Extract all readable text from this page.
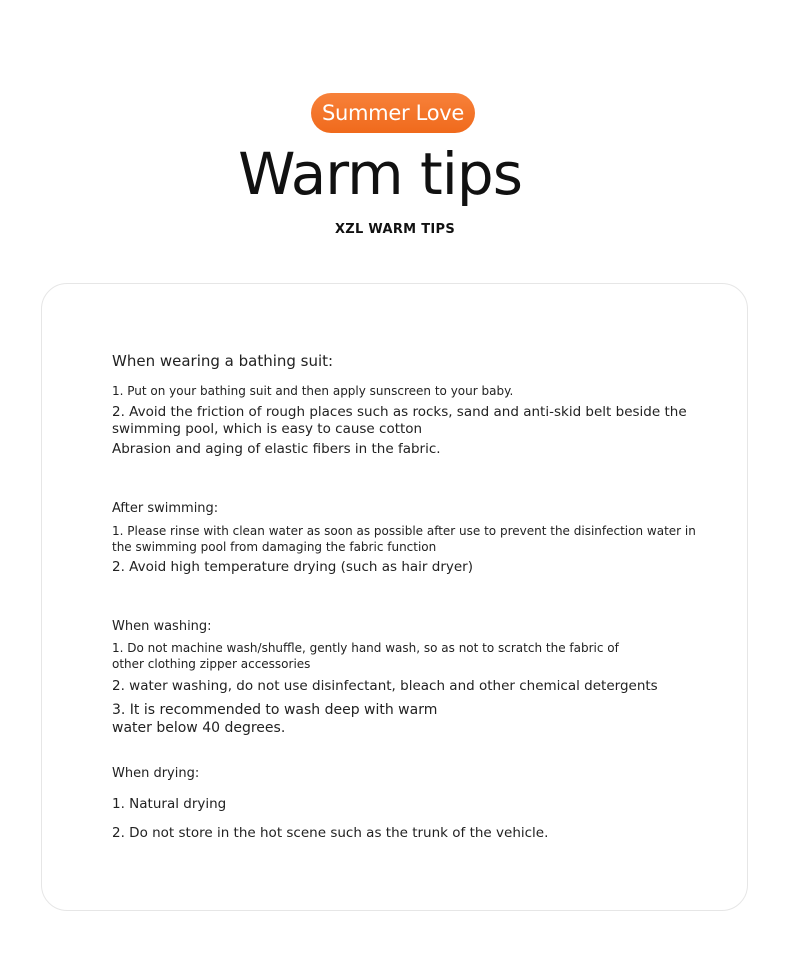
Summer Love
Warm tips
XZL WARM TIPS

When wearing a bathing suit:

1. Put on your bathing suit and then apply sunscreen to your baby.

2. Avoid the friction of rough places such as rocks, sand and anti-skid belt beside the

swimming pool, which is easy to cause cotton

Abrasion and aging of elastic fibers in the fabric.

After swimming:

1. Please rinse with clean water as soon as possible after use to prevent the disinfection water in

the swimming pool from damaging the fabric function

2. Avoid high temperature drying (such as hair dryer)

When washing:

1. Do not machine wash/shuffle, gently hand wash, so as not to scratch the fabric of

other clothing zipper accessories

2. water washing, do not use disinfectant, bleach and other chemical detergents

3. It is recommended to wash deep with warm

water below 40 degrees.

When drying:

1. Natural drying

2. Do not store in the hot scene such as the trunk of the vehicle.
